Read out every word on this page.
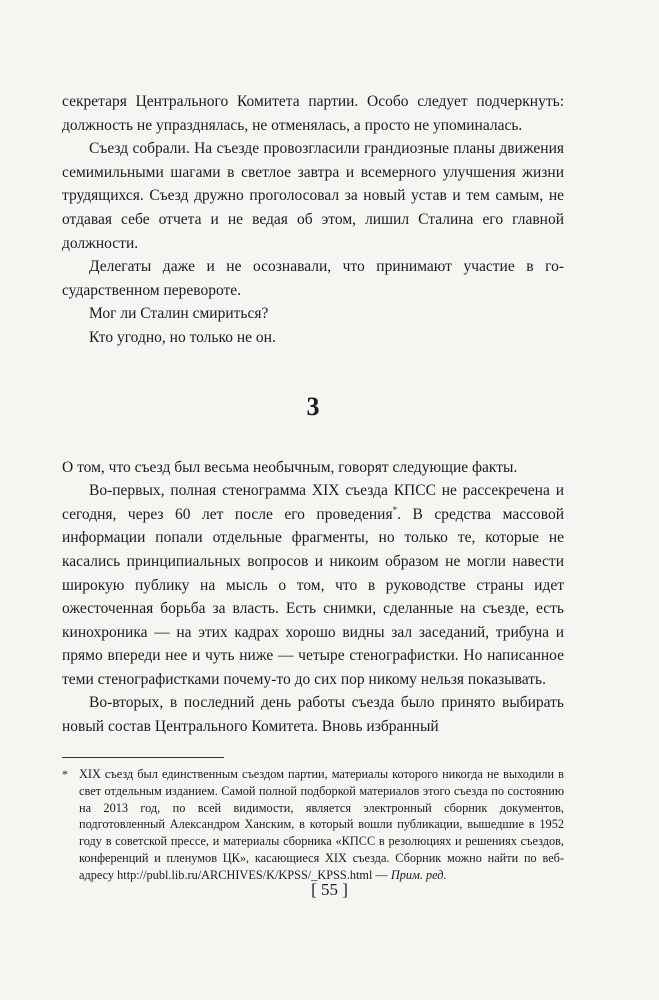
секретаря Центрального Комитета партии. Особо следует подчеркнуть: должность не упразднялась, не отменялась, а просто не упоминалась.

Съезд собрали. На съезде провозгласили грандиозные планы движения семимильными шагами в светлое завтра и всемерного улучшения жизни трудящихся. Съезд дружно проголосовал за новый устав и тем самым, не отдавая себе отчета и не ведая об этом, лишил Сталина его главной должности.

Делегаты даже и не осознавали, что принимают участие в государственном перевороте.

Мог ли Сталин смириться?

Кто угодно, но только не он.

3

О том, что съезд был весьма необычным, говорят следующие факты.

Во-первых, полная стенограмма XIX съезда КПСС не рассекречена и сегодня, через 60 лет после его проведения*. В средства массовой информации попали отдельные фрагменты, но только те, которые не касались принципиальных вопросов и никоим образом не могли навести широкую публику на мысль о том, что в руководстве страны идет ожесточенная борьба за власть. Есть снимки, сделанные на съезде, есть кинохроника — на этих кадрах хорошо видны зал заседаний, трибуна и прямо впереди нее и чуть ниже — четыре стенографистки. Но написанное теми стенографистками почему-то до сих пор никому нельзя показывать.

Во-вторых, в последний день работы съезда было принято выбирать новый состав Центрального Комитета. Вновь избранный

* XIX съезд был единственным съездом партии, материалы которого никогда не выходили в свет отдельным изданием. Самой полной подборкой материалов этого съезда по состоянию на 2013 год, по всей видимости, является электронный сборник документов, подготовленный Александром Ханским, в который вошли публикации, вышедшие в 1952 году в советской прессе, и материалы сборника «КПСС в резолюциях и решениях съездов, конференций и пленумов ЦК», касающиеся XIX съезда. Сборник можно найти по веб-адресу http://publ.lib.ru/ARCHIVES/K/KPSS/_KPSS.html — Прим. ред.

[ 55 ]
